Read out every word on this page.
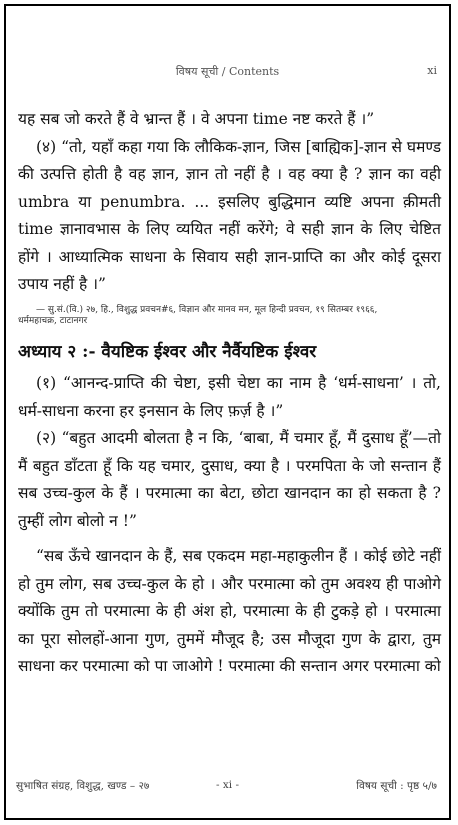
विषय सूची / Contents	xi

यह सब जो करते हैं वे भ्रान्त हैं । वे अपना time नष्ट करते हैं ।”

(४) “तो, यहाँ कहा गया कि लौकिक-ज्ञान, जिस [बाह्यिक]-ज्ञान से घमण्ड की उत्पत्ति होती है वह ज्ञान, ज्ञान तो नहीं है । वह क्या है ? ज्ञान का वही umbra या penumbra. ... इसलिए बुद्धिमान व्यष्टि अपना क़ीमती time ज्ञानावभास के लिए व्ययित नहीं करेंगे; वे सही ज्ञान के लिए चेष्टित होंगे । आध्यात्मिक साधना के सिवाय सही ज्ञान-प्राप्ति का और कोई दूसरा उपाय नहीं है ।”

— सु.सं.(वि.) २७, हि., विशुद्ध प्रवचन#६, विज्ञान और मानव मन, मूल हिन्दी प्रवचन, १९ सितम्बर १९६६,
धर्ममहाचक्र, टाटानगर

अध्याय २ :- वैयष्टिक ईश्वर और नैर्वैयष्टिक ईश्वर

(१) “आनन्द-प्राप्ति की चेष्टा, इसी चेष्टा का नाम है ‘धर्म-साधना’ । तो, धर्म-साधना करना हर इनसान के लिए फ़र्ज़ है ।”

(२) “बहुत आदमी बोलता है न कि, ‘बाबा, मैं चमार हूँ, मैं दुसाध हूँ’—तो मैं बहुत डाँटता हूँ कि यह चमार, दुसाध, क्या है । परमपिता के जो सन्तान हैं सब उच्च-कुल के हैं । परमात्मा का बेटा, छोटा खानदान का हो सकता है ? तुम्हीं लोग बोलो न !”

“सब ऊँचे खानदान के हैं, सब एकदम महा-महाकुलीन हैं । कोई छोटे नहीं हो तुम लोग, सब उच्च-कुल के हो । और परमात्मा को तुम अवश्य ही पाओगे क्योंकि तुम तो परमात्मा के ही अंश हो, परमात्मा के ही टुकड़े हो । परमात्मा का पूरा सोलहों-आना गुण, तुममें मौजूद है; उस मौजूदा गुण के द्वारा, तुम साधना कर परमात्मा को पा जाओगे ! परमात्मा की सन्तान अगर परमात्मा को

सुभाषित संग्रह, विशुद्ध, खण्ड – २७	- xi -	विषय सूची : पृष्ठ ५/७
